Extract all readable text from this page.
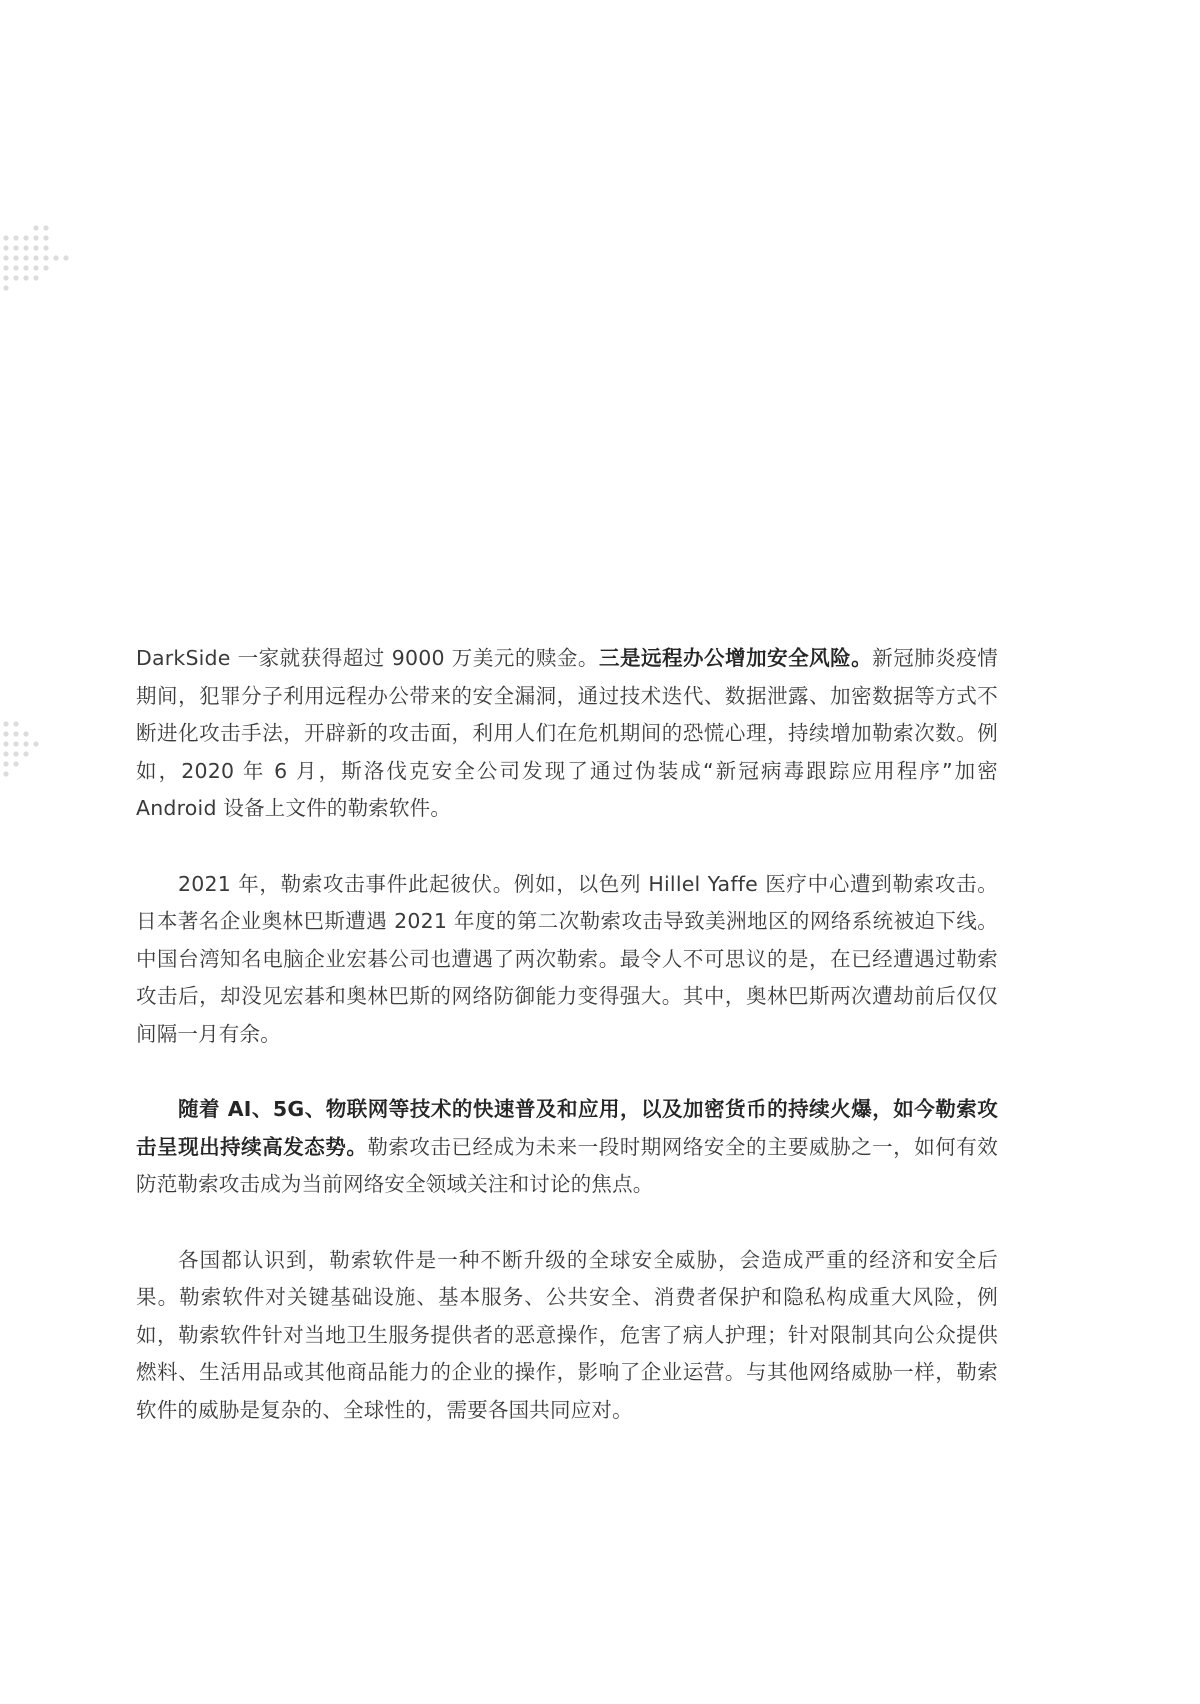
DarkSide 一家就获得超过 9000 万美元的赎金。三是远程办公增加安全风险。新冠肺炎疫情期间，犯罪分子利用远程办公带来的安全漏洞，通过技术迭代、数据泄露、加密数据等方式不断进化攻击手法，开辟新的攻击面，利用人们在危机期间的恐慌心理，持续增加勒索次数。例如，2020 年 6 月，斯洛伐克安全公司发现了通过伪装成“新冠病毒跟踪应用程序”加密 Android 设备上文件的勒索软件。

2021 年，勒索攻击事件此起彼伏。例如，以色列 Hillel Yaffe 医疗中心遭到勒索攻击。日本著名企业奥林巴斯遭遇 2021 年度的第二次勒索攻击导致美洲地区的网络系统被迫下线。中国台湾知名电脑企业宏碁公司也遭遇了两次勒索。最令人不可思议的是，在已经遭遇过勒索攻击后，却没见宏碁和奥林巴斯的网络防御能力变得强大。其中，奥林巴斯两次遭劫前后仅仅间隔一月有余。

随着 AI、5G、物联网等技术的快速普及和应用，以及加密货币的持续火爆，如今勒索攻击呈现出持续高发态势。勒索攻击已经成为未来一段时期网络安全的主要威胁之一，如何有效防范勒索攻击成为当前网络安全领域关注和讨论的焦点。

各国都认识到，勒索软件是一种不断升级的全球安全威胁，会造成严重的经济和安全后果。勒索软件对关键基础设施、基本服务、公共安全、消费者保护和隐私构成重大风险，例如，勒索软件针对当地卫生服务提供者的恶意操作，危害了病人护理；针对限制其向公众提供燃料、生活用品或其他商品能力的企业的操作，影响了企业运营。与其他网络威胁一样，勒索软件的威胁是复杂的、全球性的，需要各国共同应对。
